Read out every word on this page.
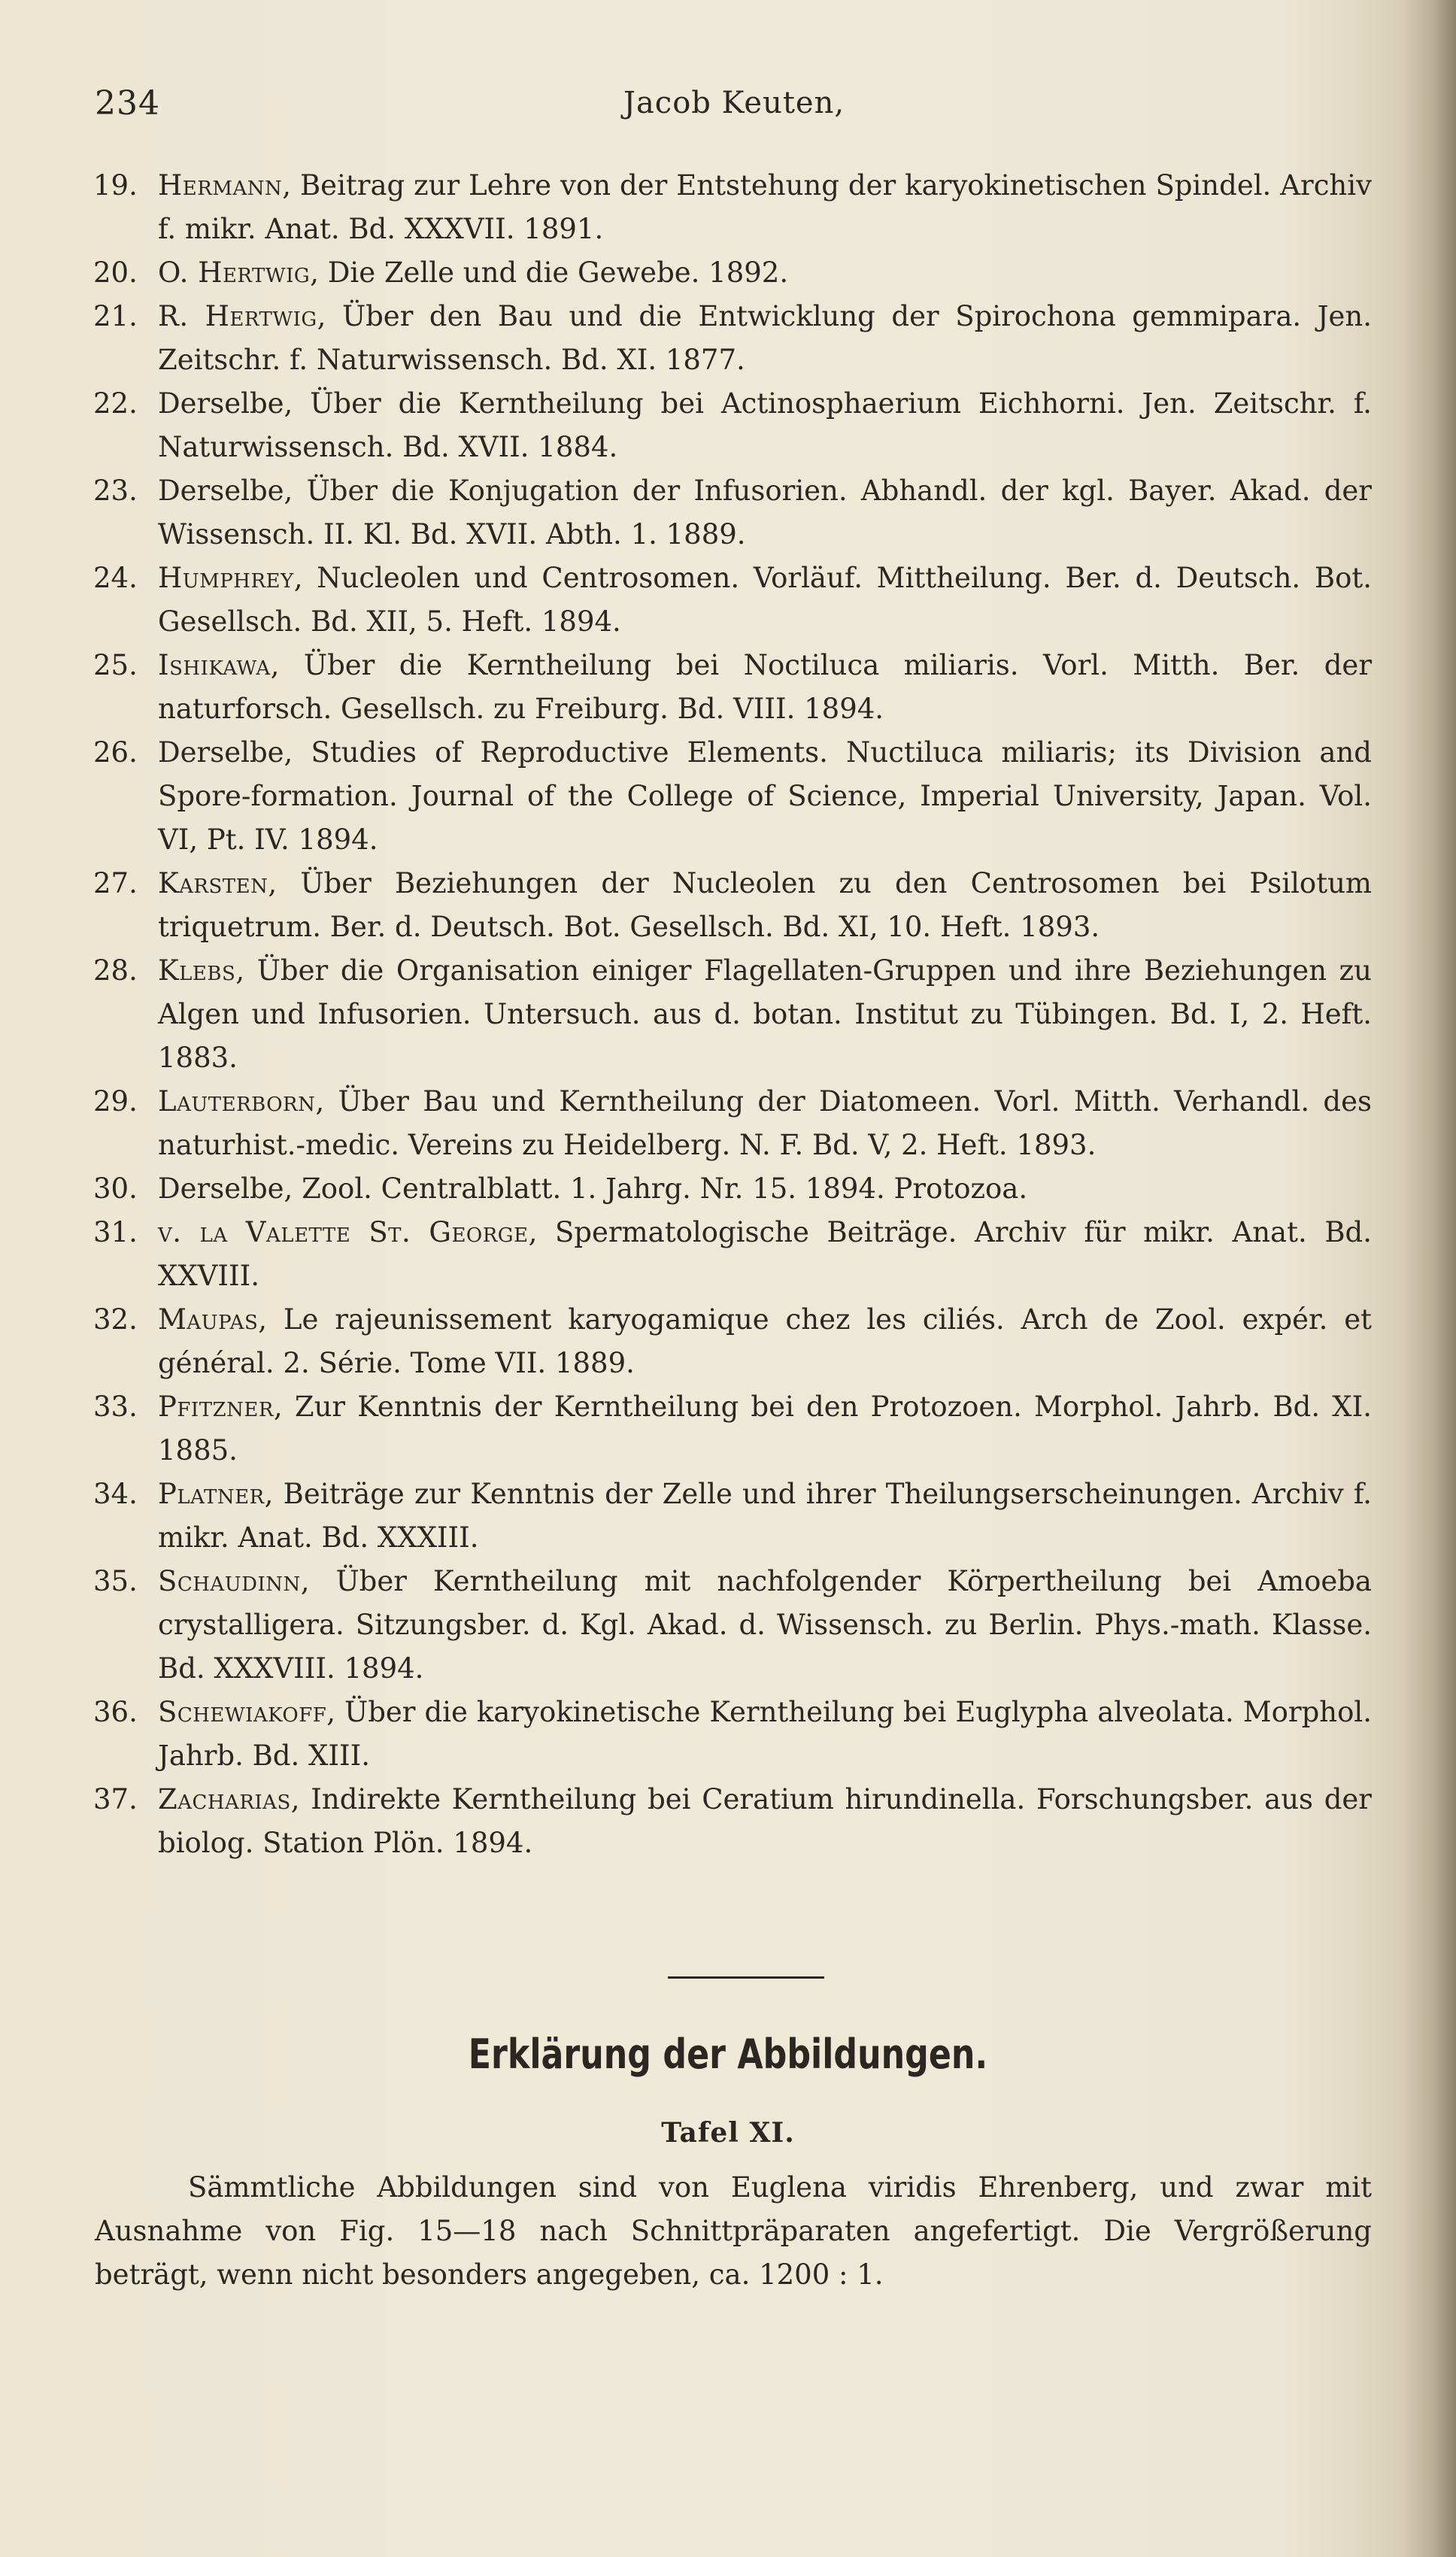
234	Jacob Keuten,
19. Hermann, Beitrag zur Lehre von der Entstehung der karyokinetischen Spindel. Archiv f. mikr. Anat. Bd. XXXVII. 1891.
20. O. Hertwig, Die Zelle und die Gewebe. 1892.
21. R. Hertwig, Über den Bau und die Entwicklung der Spirochona gemmipara. Jen. Zeitschr. f. Naturwissensch. Bd. XI. 1877.
22. Derselbe, Über die Kerntheilung bei Actinosphaerium Eichhorni. Jen. Zeitschr. f. Naturwissensch. Bd. XVII. 1884.
23. Derselbe, Über die Konjugation der Infusorien. Abhandl. der kgl. Bayer. Akad. der Wissensch. II. Kl. Bd. XVII. Abth. 1. 1889.
24. Humphrey, Nucleolen und Centrosomen. Vorläuf. Mittheilung. Ber. d. Deutsch. Bot. Gesellsch. Bd. XII, 5. Heft. 1894.
25. Ishikawa, Über die Kerntheilung bei Noctiluca miliaris. Vorl. Mitth. Ber. der naturforsch. Gesellsch. zu Freiburg. Bd. VIII. 1894.
26. Derselbe, Studies of Reproductive Elements. Nuctiluca miliaris; its Division and Spore-formation. Journal of the College of Science, Imperial University, Japan. Vol. VI, Pt. IV. 1894.
27. Karsten, Über Beziehungen der Nucleolen zu den Centrosomen bei Psilotum triquetrum. Ber. d. Deutsch. Bot. Gesellsch. Bd. XI, 10. Heft. 1893.
28. Klebs, Über die Organisation einiger Flagellaten-Gruppen und ihre Beziehungen zu Algen und Infusorien. Untersuch. aus d. botan. Institut zu Tübingen. Bd. I, 2. Heft. 1883.
29. Lauterborn, Über Bau und Kerntheilung der Diatomeen. Vorl. Mitth. Verhandl. des naturhist.-medic. Vereins zu Heidelberg. N. F. Bd. V, 2. Heft. 1893.
30. Derselbe, Zool. Centralblatt. 1. Jahrg. Nr. 15. 1894. Protozoa.
31. v. la Valette St. George, Spermatologische Beiträge. Archiv für mikr. Anat. Bd. XXVIII.
32. Maupas, Le rajeunissement karyogamique chez les ciliés. Arch de Zool. expér. et général. 2. Série. Tome VII. 1889.
33. Pfitzner, Zur Kenntnis der Kerntheilung bei den Protozoen. Morphol. Jahrb. Bd. XI. 1885.
34. Platner, Beiträge zur Kenntnis der Zelle und ihrer Theilungserscheinungen. Archiv f. mikr. Anat. Bd. XXXIII.
35. Schaudinn, Über Kerntheilung mit nachfolgender Körpertheilung bei Amoeba crystalligera. Sitzungsber. d. Kgl. Akad. d. Wissensch. zu Berlin. Phys.-math. Klasse. Bd. XXXVIII. 1894.
36. Schewiakoff, Über die karyokinetische Kerntheilung bei Euglypha alveolata. Morphol. Jahrb. Bd. XIII.
37. Zacharias, Indirekte Kerntheilung bei Ceratium hirundinella. Forschungsber. aus der biolog. Station Plön. 1894.
Erklärung der Abbildungen.
Tafel XI.

Sämmtliche Abbildungen sind von Euglena viridis Ehrenberg, und zwar mit Ausnahme von Fig. 15—18 nach Schnittpräparaten angefertigt. Die Vergrößerung beträgt, wenn nicht besonders angegeben, ca. 1200 : 1.
